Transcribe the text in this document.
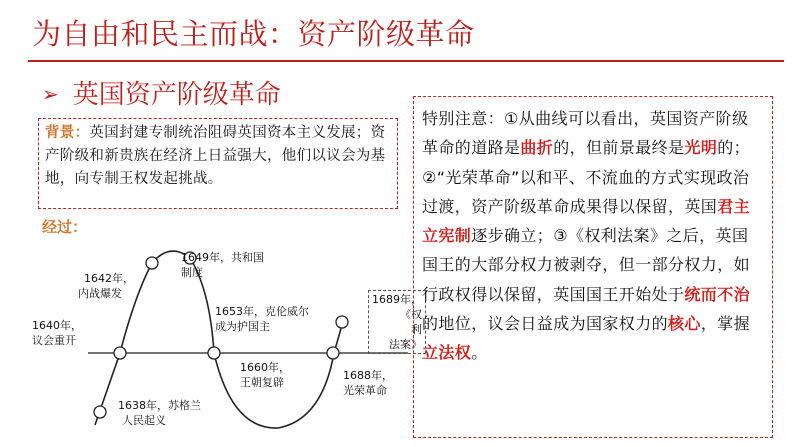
为自由和民主而战：资产阶级革命
➢ 英国资产阶级革命
背景：英国封建专制统治阻碍英国资本主义发展；资产阶级和新贵族在经济上日益强大，他们以议会为基地，向专制王权发起挑战。
经过：
1649年，共和国
制度
1642年，
内战爆发
1653年，克伦威尔
成为护国主
1640年，
议会重开
1660年，
王朝复辟
1688年，
光荣革命
1638年，苏格兰
人民起义
1689年，
《权
利
法案》
特别注意：①从曲线可以看出，英国资产阶级革命的道路是曲折的，但前景最终是光明的；②“光荣革命”以和平、不流血的方式实现政治过渡，资产阶级革命成果得以保留，英国君主立宪制逐步确立；③《权利法案》之后，英国国王的大部分权力被剥夺，但一部分权力，如行政权得以保留，英国国王开始处于统而不治的地位，议会日益成为国家权力的核心，掌握立法权。
